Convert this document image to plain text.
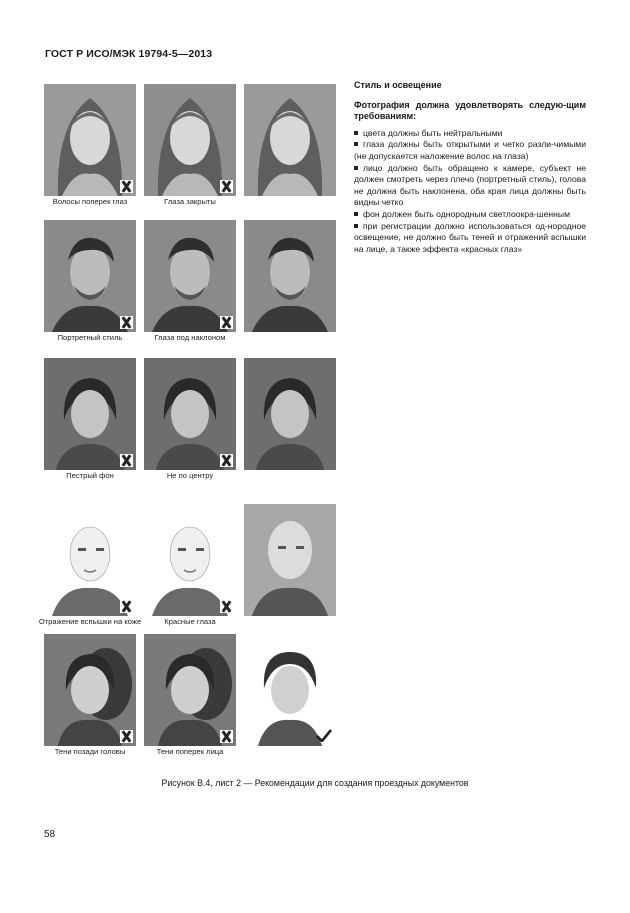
ГОСТ Р ИСО/МЭК 19794-5—2013
Волосы поперек глаз	Глаза закрыты
Портретный стиль	Глаза под наклоном
Пестрый фон	Не по центру
Отражение вспышки на коже	Красные глаза
Тени позади головы	Тени поперек лица
Стиль и освещение
Фотография должна удовлетворять следую-щим требованиям:
цвета должны быть нейтральными
глаза должны быть открытыми и четко разли-чимыми (не допускается наложение волос на глаза)
лицо должно быть обращено к камере, субъект не должен смотреть через плечо (портретный стиль), голова не должна быть наклонена, оба края лица должны быть видны четко
фон должен быть однородным светлоокра-шенным
при регистрации должно использоваться од-нородное освещение, не должно быть теней и отражений вспышки на лице, а также эффекта «красных глаз»
Рисунок В.4, лист 2 — Рекомендации для создания проездных документов
58
